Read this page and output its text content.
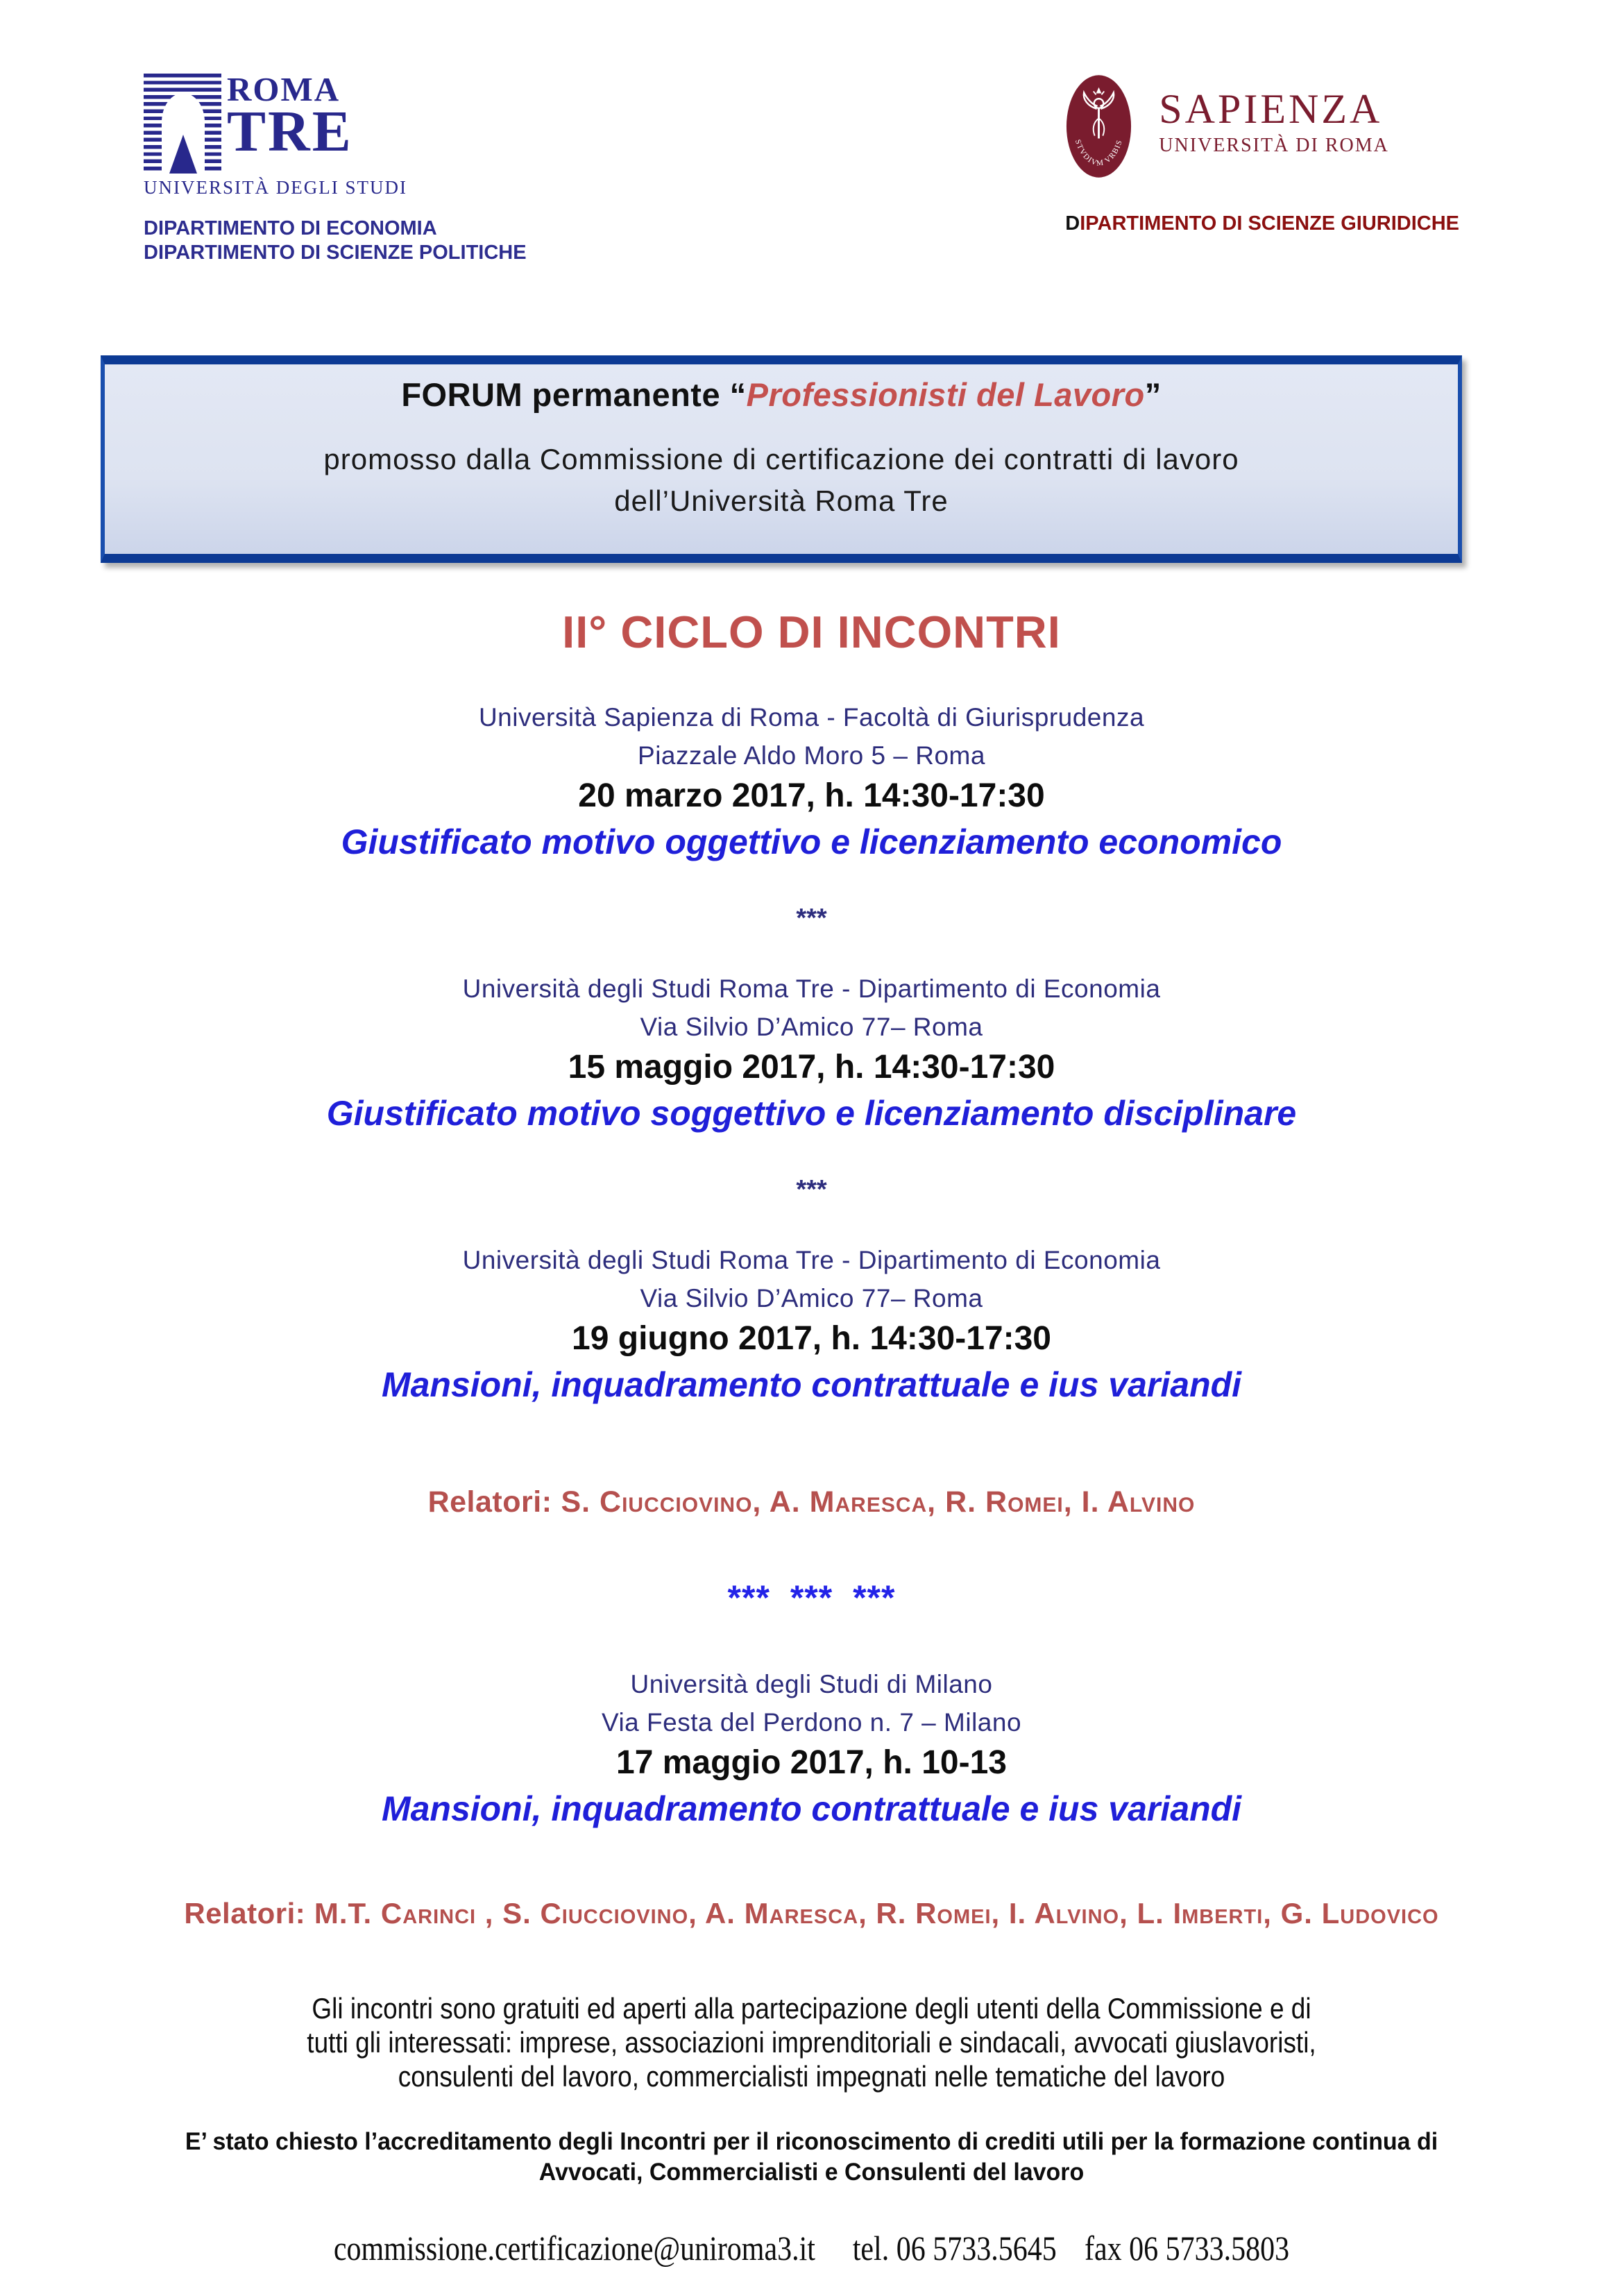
ROMA
TRE
UNIVERSITÀ DEGLI STUDI
DIPARTIMENTO DI ECONOMIA
DIPARTIMENTO DI SCIENZE POLITICHE
STVDIVM VRBIS
SAPIENZA
UNIVERSITÀ DI ROMA
DIPARTIMENTO DI SCIENZE GIURIDICHE
FORUM permanente “Professionisti del Lavoro”
promosso dalla Commissione di certificazione dei contratti di lavoro
dell’Università Roma Tre
II° CICLO DI INCONTRI
Università Sapienza di Roma - Facoltà di Giurisprudenza
Piazzale Aldo Moro 5 – Roma
20 marzo 2017, h. 14:30-17:30
Giustificato motivo oggettivo e licenziamento economico
***
Università degli Studi Roma Tre - Dipartimento di Economia
Via Silvio D’Amico 77– Roma
15 maggio 2017, h. 14:30-17:30
Giustificato motivo soggettivo e licenziamento disciplinare
***
Università degli Studi Roma Tre - Dipartimento di Economia
Via Silvio D’Amico 77– Roma
19 giugno 2017, h. 14:30-17:30
Mansioni, inquadramento contrattuale e ius variandi
Relatori: S. Ciucciovino, A. Maresca, R. Romei, I. Alvino
*** *** ***
Università degli Studi di Milano
Via Festa del Perdono n. 7 – Milano
17 maggio 2017, h. 10-13
Mansioni, inquadramento contrattuale e ius variandi
Relatori: M.T. Carinci , S. Ciucciovino, A. Maresca, R. Romei, I. Alvino, L. Imberti, G. Ludovico
Gli incontri sono gratuiti ed aperti alla partecipazione degli utenti della Commissione e di
tutti gli interessati: imprese, associazioni imprenditoriali e sindacali, avvocati giuslavoristi,
consulenti del lavoro, commercialisti impegnati nelle tematiche del lavoro
E’ stato chiesto l’accreditamento degli Incontri per il riconoscimento di crediti utili per la formazione continua di
Avvocati, Commercialisti e Consulenti del lavoro
commissione.certificazione@uniroma3.it tel. 06 5733.5645 fax 06 5733.5803
